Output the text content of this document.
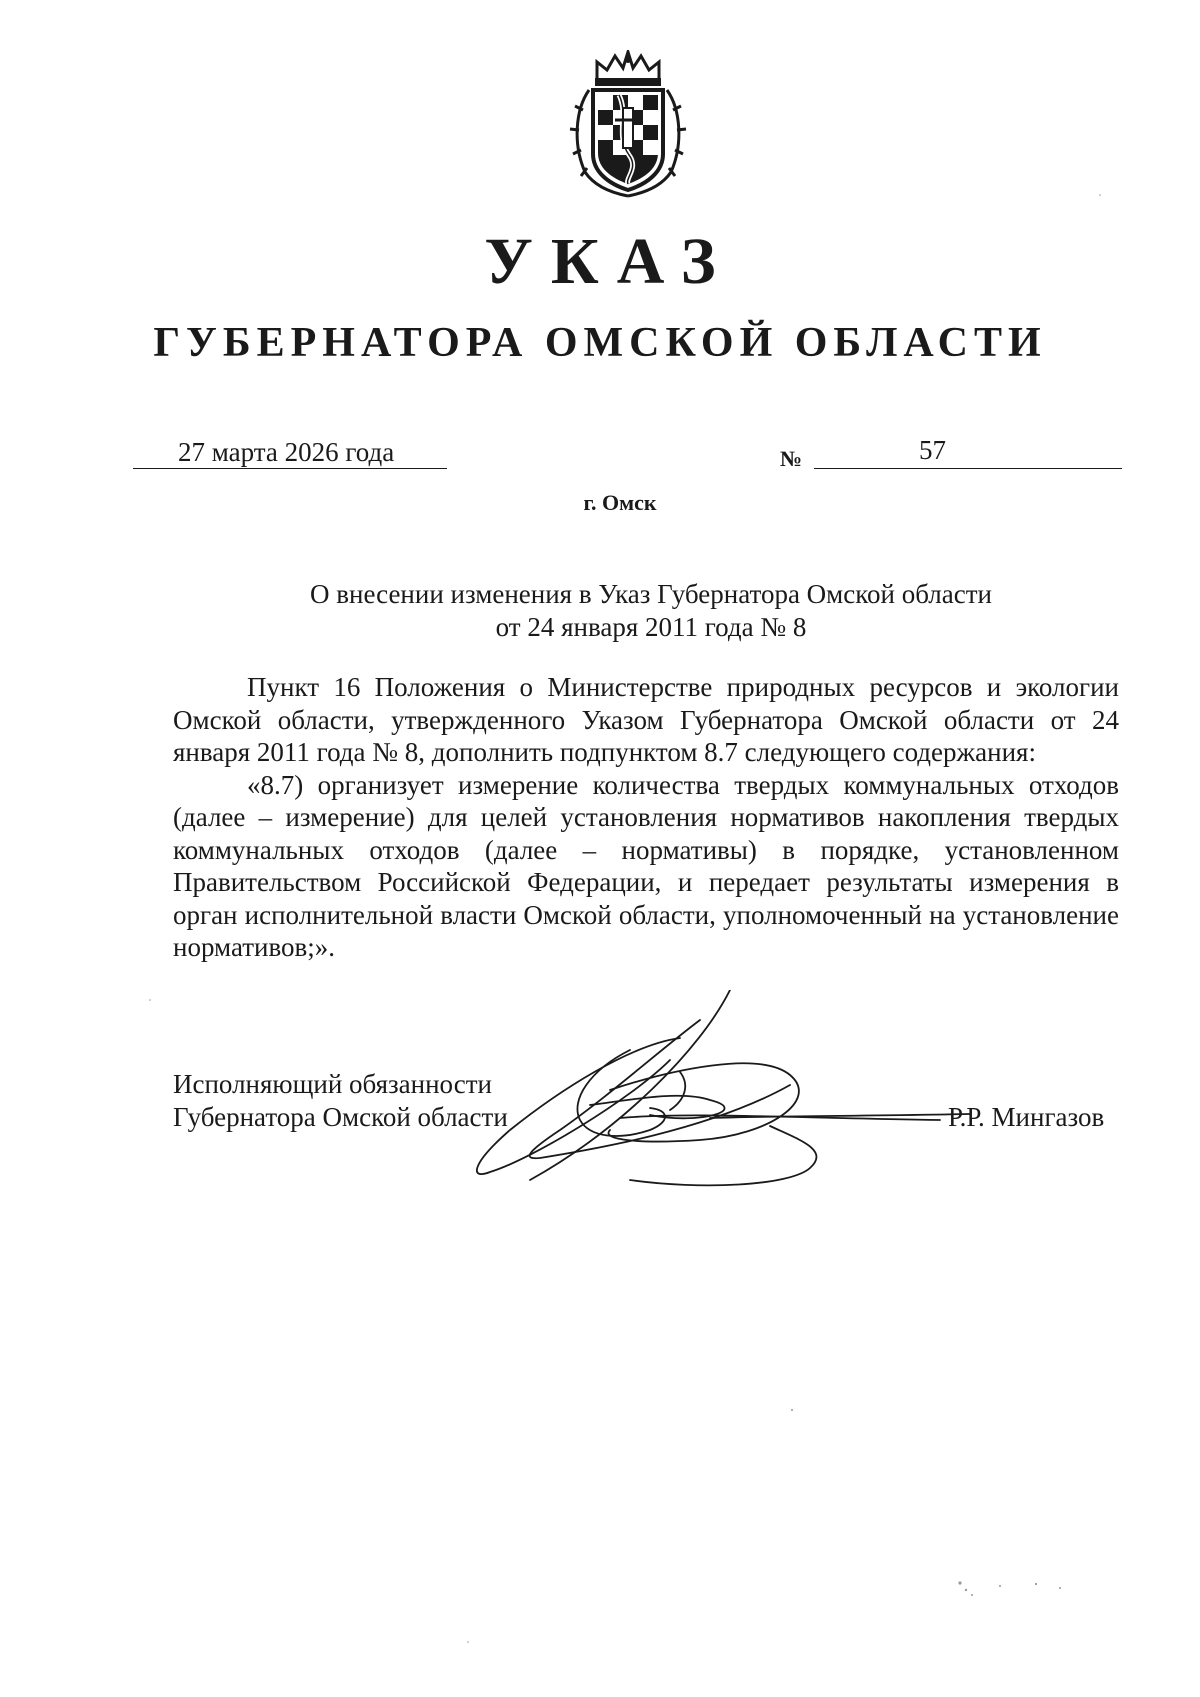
УКАЗ
ГУБЕРНАТОРА ОМСКОЙ ОБЛАСТИ
27 марта 2026 года	№	57
г. Омск
О внесении изменения в Указ Губернатора Омской области
от 24 января 2011 года № 8

Пункт 16 Положения о Министерстве природных ресурсов и экологии Омской области, утвержденного Указом Губернатора Омской области от 24 января 2011 года № 8, дополнить подпунктом 8.7 следующего содержания:

«8.7) организует измерение количества твердых коммунальных отходов (далее – измерение) для целей установления нормативов накопления твердых коммунальных отходов (далее – нормативы) в порядке, установленном Правительством Российской Федерации, и передает результаты измерения в орган исполнительной власти Омской области, уполномоченный на установление нормативов;».

Исполняющий обязанности
Губернатора Омской области	Р.Р. Мингазов
